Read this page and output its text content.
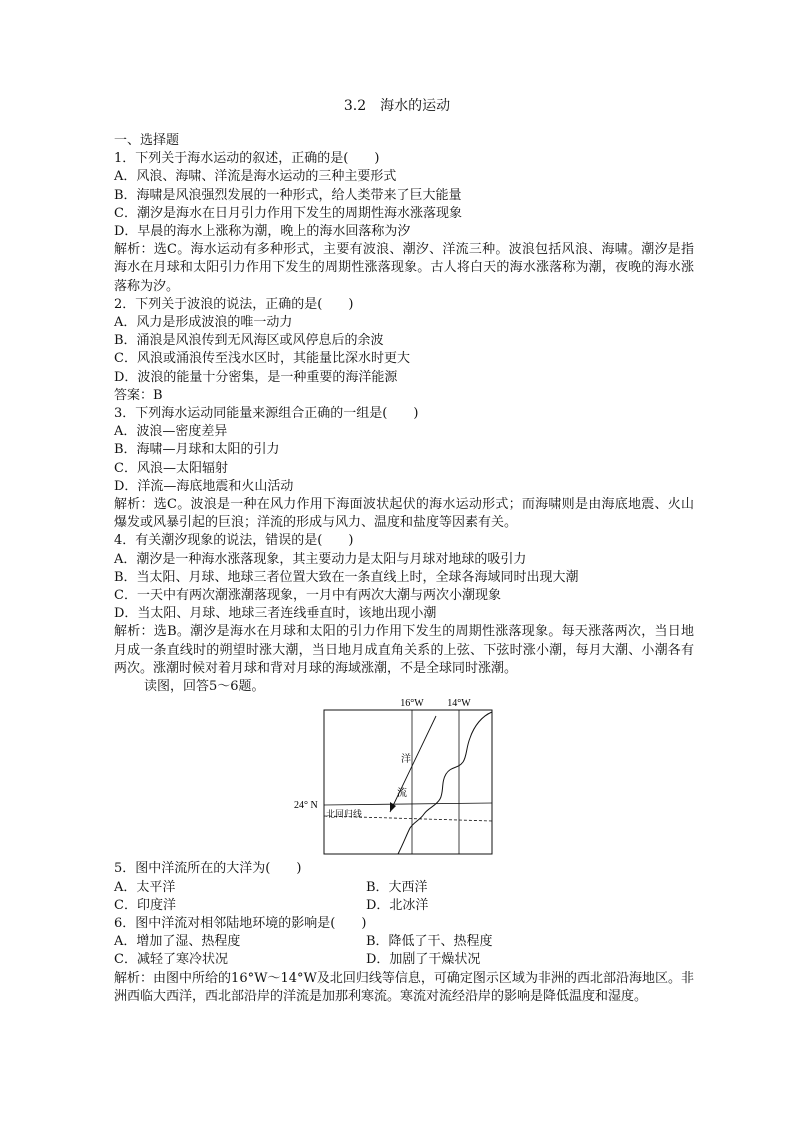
3.2　海水的运动
一、选择题
1．下列关于海水运动的叙述，正确的是(　　)
A．风浪、海啸、洋流是海水运动的三种主要形式
B．海啸是风浪强烈发展的一种形式，给人类带来了巨大能量
C．潮汐是海水在日月引力作用下发生的周期性海水涨落现象
D．早晨的海水上涨称为潮，晚上的海水回落称为汐
解析：选C。海水运动有多种形式，主要有波浪、潮汐、洋流三种。波浪包括风浪、海啸。潮汐是指海水在月球和太阳引力作用下发生的周期性涨落现象。古人将白天的海水涨落称为潮，夜晚的海水涨落称为汐。
2．下列关于波浪的说法，正确的是(　　)
A．风力是形成波浪的唯一动力
B．涌浪是风浪传到无风海区或风停息后的余波
C．风浪或涌浪传至浅水区时，其能量比深水时更大
D．波浪的能量十分密集，是一种重要的海洋能源
答案：B
3．下列海水运动同能量来源组合正确的一组是(　　)
A．波浪—密度差异
B．海啸—月球和太阳的引力
C．风浪—太阳辐射
D．洋流—海底地震和火山活动
解析：选C。波浪是一种在风力作用下海面波状起伏的海水运动形式；而海啸则是由海底地震、火山爆发或风暴引起的巨浪；洋流的形成与风力、温度和盐度等因素有关。
4．有关潮汐现象的说法，错误的是(　　)
A．潮汐是一种海水涨落现象，其主要动力是太阳与月球对地球的吸引力
B．当太阳、月球、地球三者位置大致在一条直线上时，全球各海域同时出现大潮
C．一天中有两次潮涨潮落现象，一月中有两次大潮与两次小潮现象
D．当太阳、月球、地球三者连线垂直时，该地出现小潮
解析：选B。潮汐是海水在月球和太阳的引力作用下发生的周期性涨落现象。每天涨落两次，当日地月成一条直线时的朔望时涨大潮，当日地月成直角关系的上弦、下弦时涨小潮，每月大潮、小潮各有两次。涨潮时候对着月球和背对月球的海域涨潮，不是全球同时涨潮。
读图，回答5～6题。
16°W 14°W
24° N
洋
流
北回归线
5．图中洋流所在的大洋为(　　)
A．太平洋	B．大西洋
C．印度洋	D．北冰洋
6．图中洋流对相邻陆地环境的影响是(　　)
A．增加了湿、热程度	B．降低了干、热程度
C．减轻了寒冷状况	D．加剧了干燥状况
解析：由图中所给的16°W～14°W及北回归线等信息，可确定图示区域为非洲的西北部沿海地区。非洲西临大西洋，西北部沿岸的洋流是加那利寒流。寒流对流经沿岸的影响是降低温度和湿度。
